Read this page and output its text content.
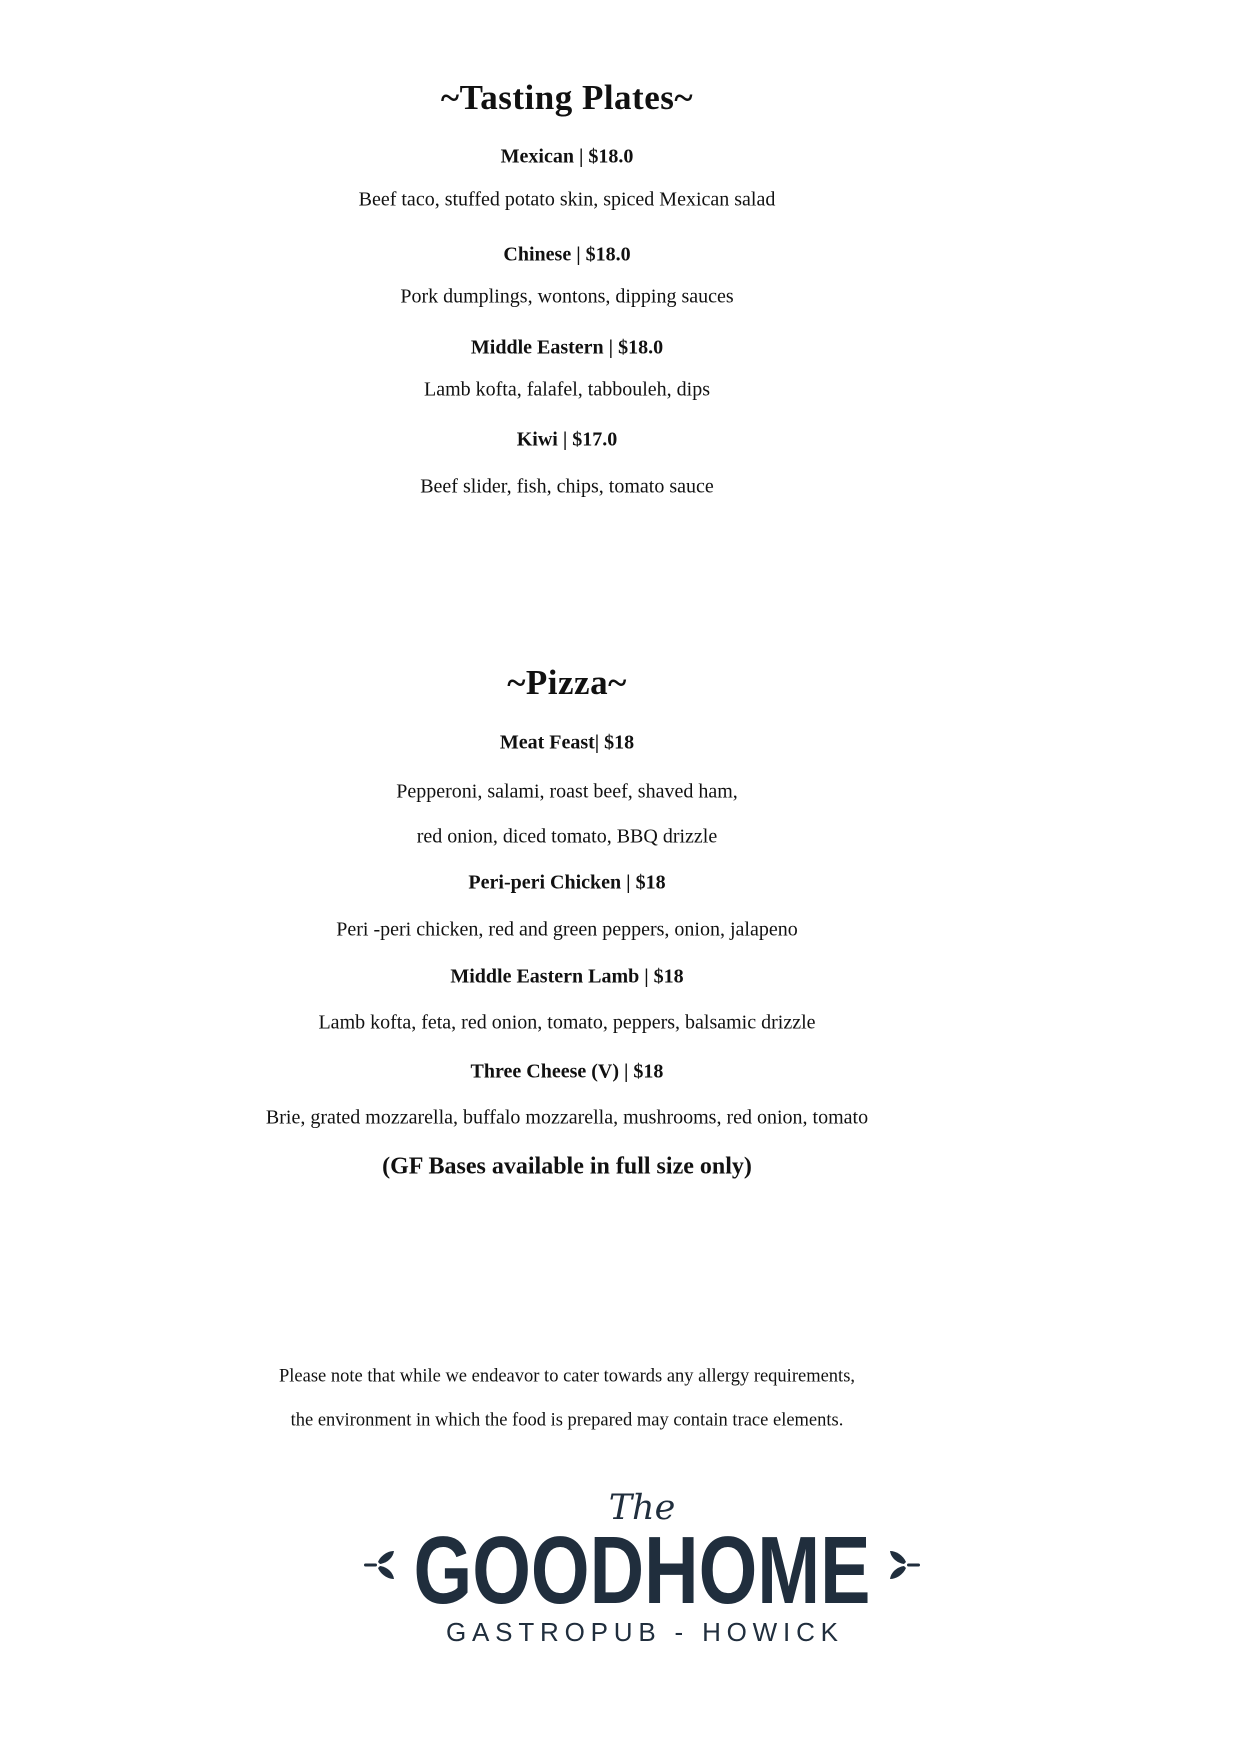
~Tasting Plates~

Mexican | $18.0

Beef taco, stuffed potato skin, spiced Mexican salad

Chinese | $18.0

Pork dumplings, wontons, dipping sauces

Middle Eastern | $18.0

Lamb kofta, falafel, tabbouleh, dips

Kiwi | $17.0

Beef slider, fish, chips, tomato sauce

~Pizza~

Meat Feast| $18

Pepperoni, salami, roast beef, shaved ham,

red onion, diced tomato, BBQ drizzle

Peri-peri Chicken | $18

Peri -peri chicken, red and green peppers, onion, jalapeno

Middle Eastern Lamb | $18

Lamb kofta, feta, red onion, tomato, peppers, balsamic drizzle

Three Cheese (V) | $18

Brie, grated mozzarella, buffalo mozzarella, mushrooms, red onion, tomato

(GF Bases available in full size only)

Please note that while we endeavor to cater towards any allergy requirements,

the environment in which the food is prepared may contain trace elements.

The
GOODHOME
GASTROPUB - HOWICK
